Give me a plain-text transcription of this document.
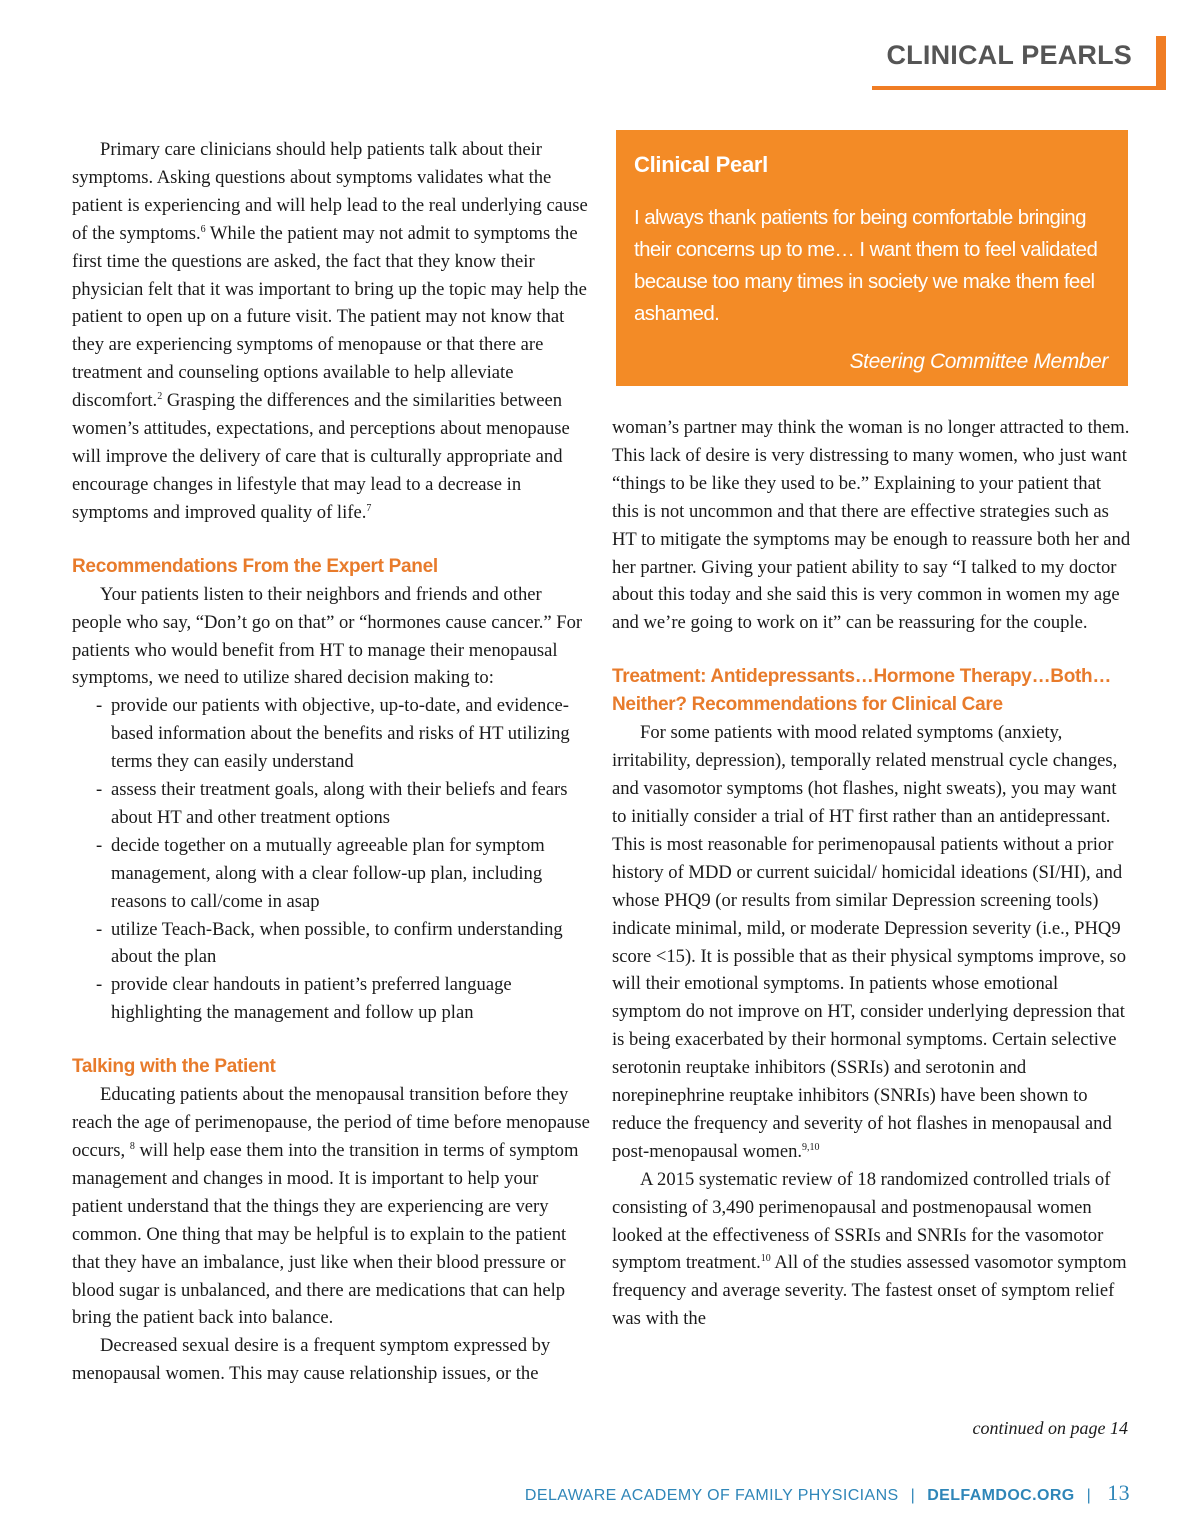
CLINICAL PEARLS

Primary care clinicians should help patients talk about their symptoms. Asking questions about symptoms validates what the patient is experiencing and will help lead to the real underlying cause of the symptoms.$^6$ While the patient may not admit to symptoms the first time the questions are asked, the fact that they know their physician felt that it was important to bring up the topic may help the patient to open up on a future visit. The patient may not know that they are experiencing symptoms of menopause or that there are treatment and counseling options available to help alleviate discomfort.$^2$ Grasping the differences and the similarities between women’s attitudes, expectations, and perceptions about menopause will improve the delivery of care that is culturally appropriate and encourage changes in lifestyle that may lead to a decrease in symptoms and improved quality of life.$^7$

Recommendations From the Expert Panel

Your patients listen to their neighbors and friends and other people who say, “Don’t go on that” or “hormones cause cancer.” For patients who would benefit from HT to manage their menopausal symptoms, we need to utilize shared decision making to:

- provide our patients with objective, up-to-date, and evidence-based information about the benefits and risks of HT utilizing terms they can easily understand
- assess their treatment goals, along with their beliefs and fears about HT and other treatment options
- decide together on a mutually agreeable plan for symptom management, along with a clear follow-up plan, including reasons to call/come in asap
- utilize Teach-Back, when possible, to confirm understanding about the plan
- provide clear handouts in patient’s preferred language highlighting the management and follow up plan
Talking with the Patient

Educating patients about the menopausal transition before they reach the age of perimenopause, the period of time before menopause occurs, $^8$ will help ease them into the transition in terms of symptom management and changes in mood. It is important to help your patient understand that the things they are experiencing are very common. One thing that may be helpful is to explain to the patient that they have an imbalance, just like when their blood pressure or blood sugar is unbalanced, and there are medications that can help bring the patient back into balance.

Decreased sexual desire is a frequent symptom expressed by menopausal women. This may cause relationship issues, or the

Clinical Pearl

I always thank patients for being comfortable bringing their concerns up to me… I want them to feel validated because too many times in society we make them feel ashamed.

Steering Committee Member

woman’s partner may think the woman is no longer attracted to them. This lack of desire is very distressing to many women, who just want “things to be like they used to be.” Explaining to your patient that this is not uncommon and that there are effective strategies such as HT to mitigate the symptoms may be enough to reassure both her and her partner. Giving your patient ability to say “I talked to my doctor about this today and she said this is very common in women my age and we’re going to work on it” can be reassuring for the couple.

Treatment: Antidepressants…Hormone Therapy…Both… Neither? Recommendations for Clinical Care

For some patients with mood related symptoms (anxiety, irritability, depression), temporally related menstrual cycle changes, and vasomotor symptoms (hot flashes, night sweats), you may want to initially consider a trial of HT first rather than an antidepressant. This is most reasonable for perimenopausal patients without a prior history of MDD or current suicidal/ homicidal ideations (SI/HI), and whose PHQ9 (or results from similar Depression screening tools) indicate minimal, mild, or moderate Depression severity (i.e., PHQ9 score <15). It is possible that as their physical symptoms improve, so will their emotional symptoms. In patients whose emotional symptom do not improve on HT, consider underlying depression that is being exacerbated by their hormonal symptoms. Certain selective serotonin reuptake inhibitors (SSRIs) and serotonin and norepinephrine reuptake inhibitors (SNRIs) have been shown to reduce the frequency and severity of hot flashes in menopausal and post-menopausal women.$^{9,10}$

A 2015 systematic review of 18 randomized controlled trials of consisting of 3,490 perimenopausal and postmenopausal women looked at the effectiveness of SSRIs and SNRIs for the vasomotor symptom treatment.$^{10}$ All of the studies assessed vasomotor symptom frequency and average severity. The fastest onset of symptom relief was with the

continued on page 14
DELAWARE ACADEMY OF FAMILY PHYSICIANS | DELFAMDOC.ORG | 13
